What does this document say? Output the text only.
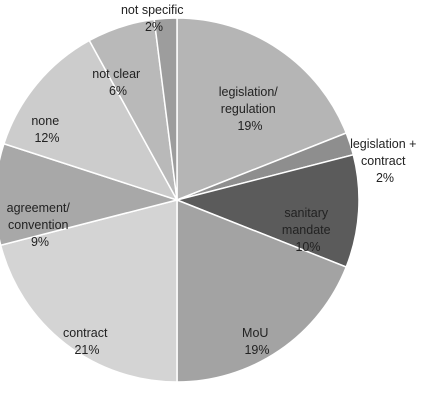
legislation/ regulation 19%
legislation + contract 2%
sanitary mandate 10%
MoU 19%
contract 21%
agreement/ convention 9%
none 12%
not clear 6%
not specific 2%
